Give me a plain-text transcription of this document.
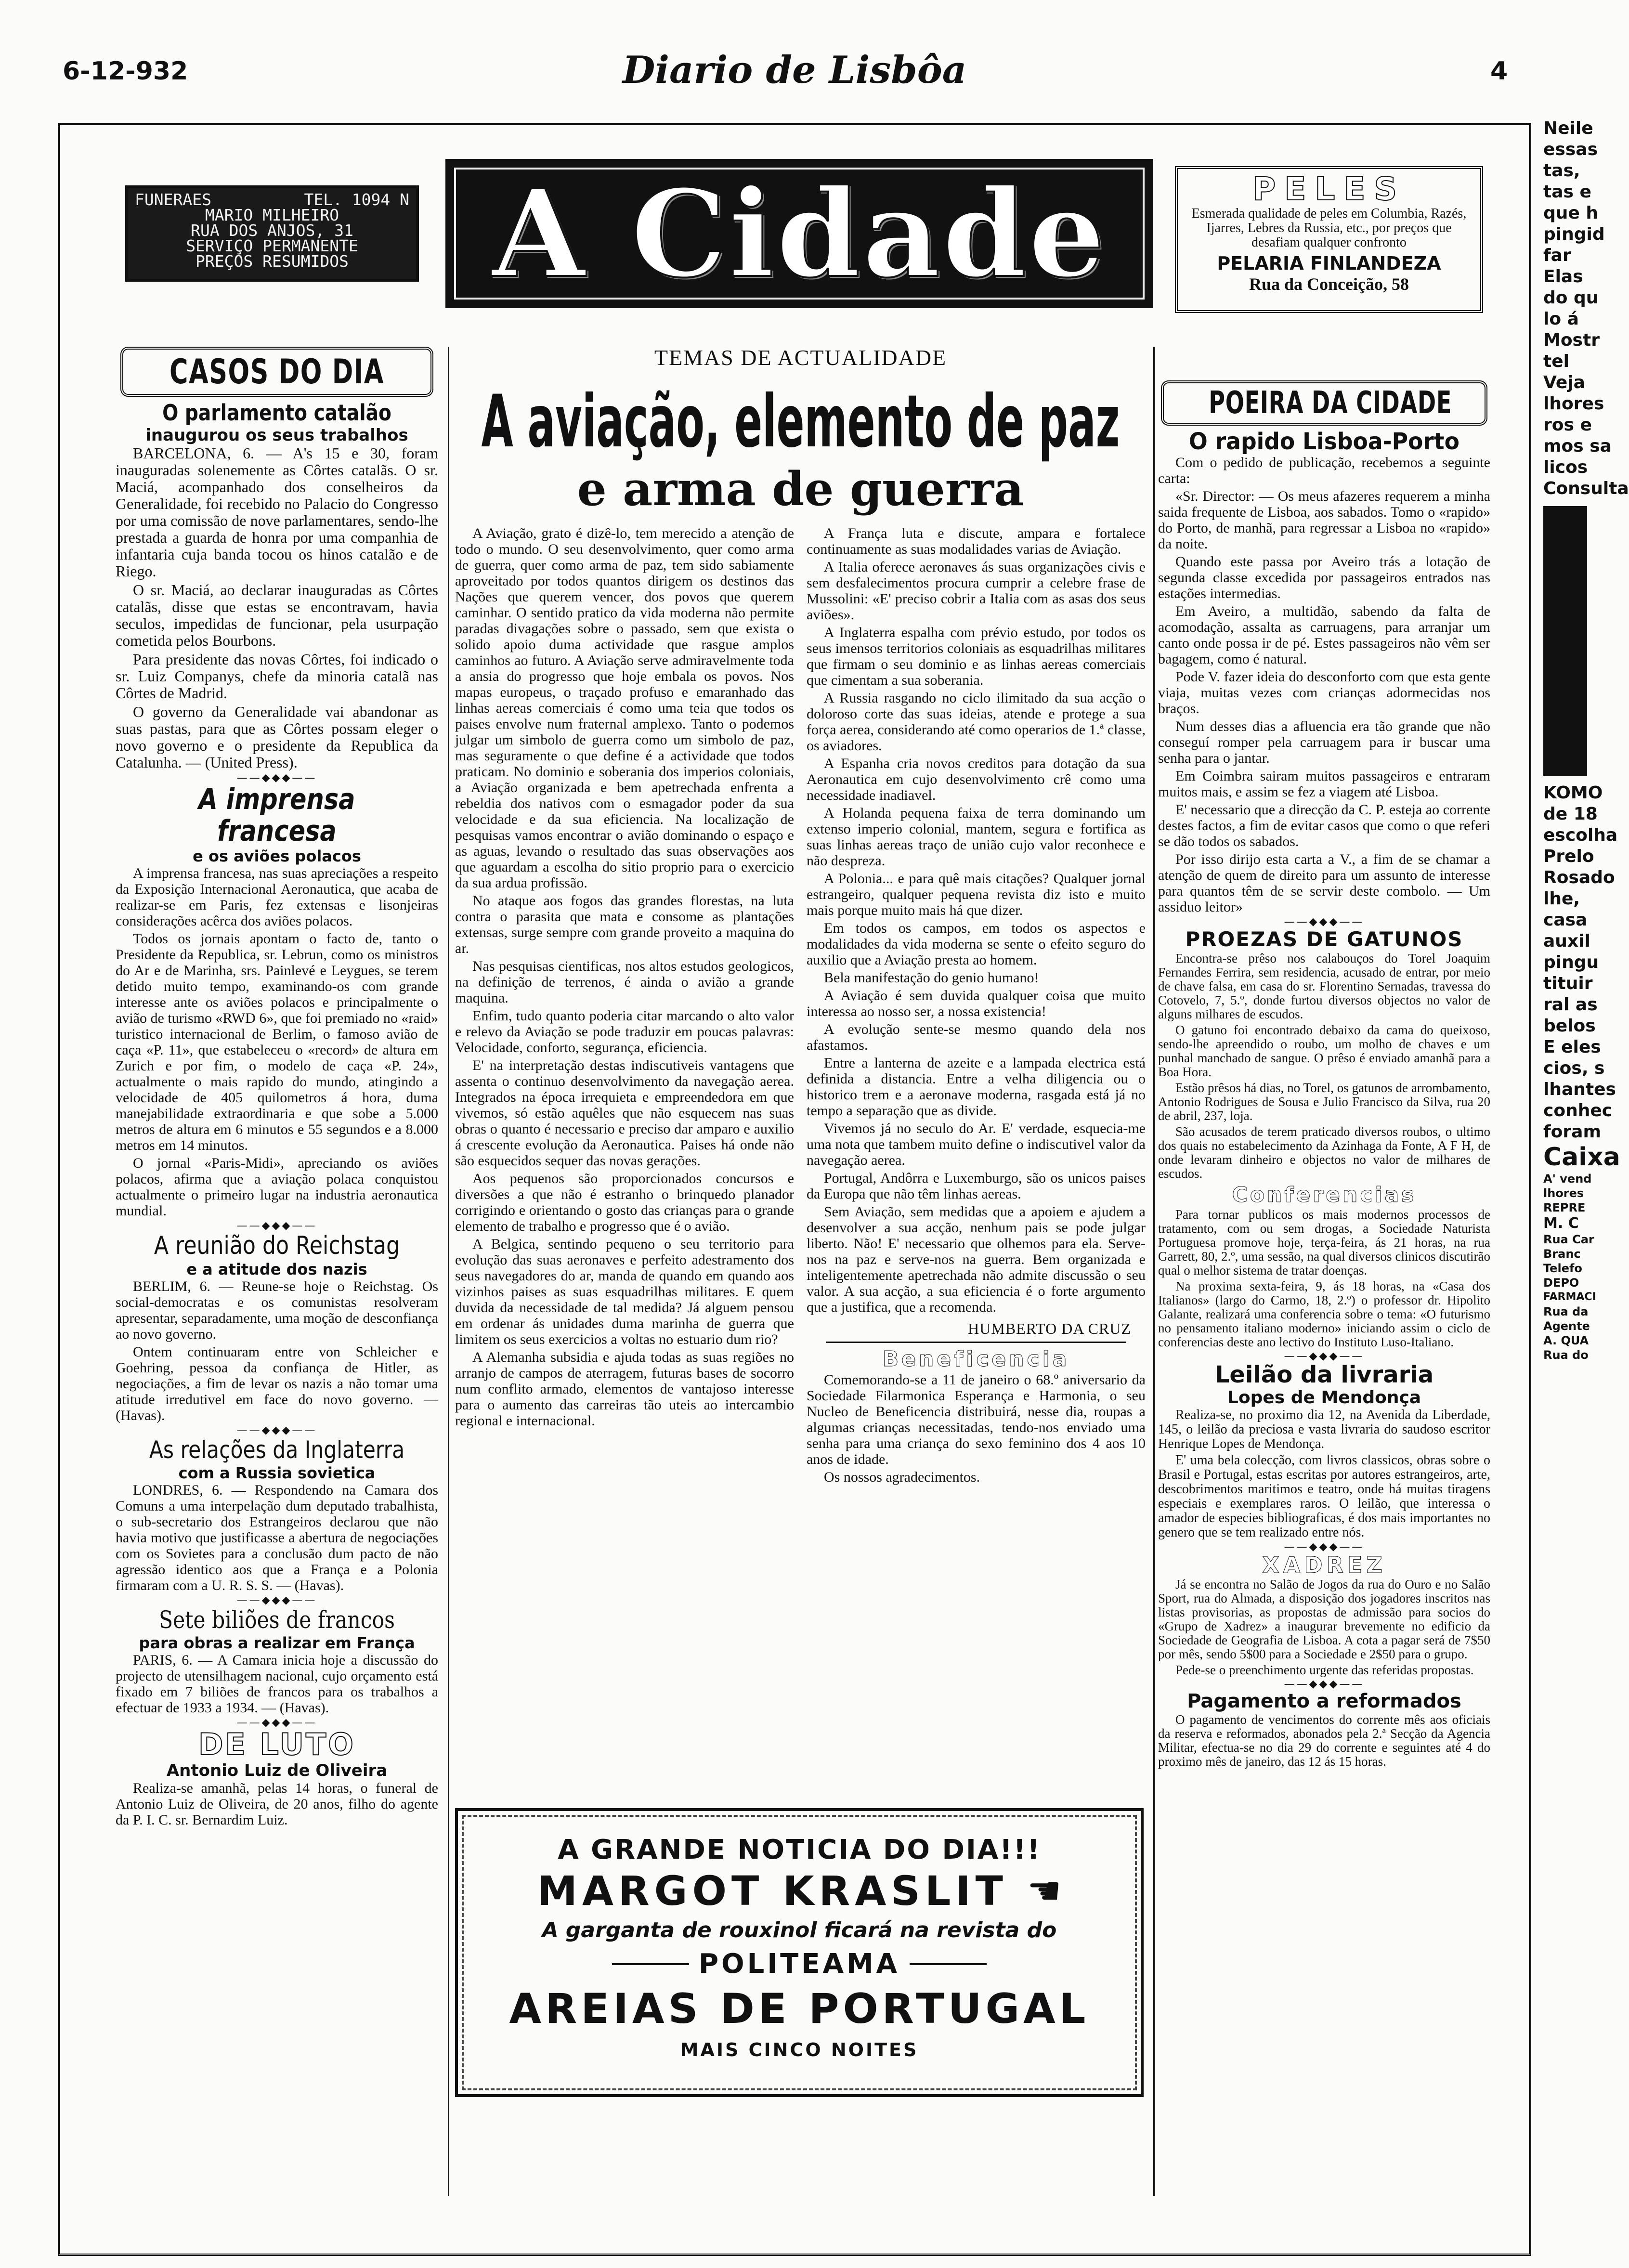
6-12-932	Diario de Lisbôa	4
FUNERAES	TEL. 1094 N
MARIO MILHEIRO
RUA DOS ANJOS, 31
SERVIÇO PERMANENTE
PREÇOS RESUMIDOS	A Cidade	PELES
Esmerada qualidade de peles em Columbia, Razés, Ijarres, Lebres da Russia, etc., por preços que desafiam qualquer confronto
PELARIA FINLANDEZA
Rua da Conceição, 58
CASOS DO DIA
O parlamento catalão
inaugurou os seus trabalhos

BARCELONA, 6. — A's 15 e 30, foram inauguradas solenemente as Côrtes catalãs. O sr. Maciá, acompanhado dos conselheiros da Generalidade, foi recebido no Palacio do Congresso por uma comissão de nove parlamentares, sendo-lhe prestada a guarda de honra por uma companhia de infantaria cuja banda tocou os hinos catalão e de Riego.

O sr. Maciá, ao declarar inauguradas as Côrtes catalãs, disse que estas se encontravam, havia seculos, impedidas de funcionar, pela usurpação cometida pelos Bourbons.

Para presidente das novas Côrtes, foi indicado o sr. Luiz Companys, chefe da minoria catalã nas Côrtes de Madrid.

O governo da Generalidade vai abandonar as suas pastas, para que as Côrtes possam eleger o novo governo e o presidente da Republica da Catalunha. — (United Press).

——◆◆◆——
A imprensa francesa
e os aviões polacos

A imprensa francesa, nas suas apreciações a respeito da Exposição Internacional Aeronautica, que acaba de realizar-se em Paris, fez extensas e lisonjeiras considerações acêrca dos aviões polacos.

Todos os jornais apontam o facto de, tanto o Presidente da Republica, sr. Lebrun, como os ministros do Ar e de Marinha, srs. Painlevé e Leygues, se terem detido muito tempo, examinando-os com grande interesse ante os aviões polacos e principalmente o avião de turismo «RWD 6», que foi premiado no «raid» turistico internacional de Berlim, o famoso avião de caça «P. 11», que estabeleceu o «record» de altura em Zurich e por fim, o modelo de caça «P. 24», actualmente o mais rapido do mundo, atingindo a velocidade de 405 quilometros á hora, duma manejabilidade extraordinaria e que sobe a 5.000 metros de altura em 6 minutos e 55 segundos e a 8.000 metros em 14 minutos.

O jornal «Paris-Midi», apreciando os aviões polacos, afirma que a aviação polaca conquistou actualmente o primeiro lugar na industria aeronautica mundial.

——◆◆◆——
A reunião do Reichstag
e a atitude dos nazis

BERLIM, 6. — Reune-se hoje o Reichstag. Os social-democratas e os comunistas resolveram apresentar, separadamente, uma moção de desconfiança ao novo governo.

Ontem continuaram entre von Schleicher e Goehring, pessoa da confiança de Hitler, as negociações, a fim de levar os nazis a não tomar uma atitude irredutivel em face do novo governo. — (Havas).

——◆◆◆——
As relações da Inglaterra
com a Russia sovietica

LONDRES, 6. — Respondendo na Camara dos Comuns a uma interpelação dum deputado trabalhista, o sub-secretario dos Estrangeiros declarou que não havia motivo que justificasse a abertura de negociações com os Sovietes para a conclusão dum pacto de não agressão identico aos que a França e a Polonia firmaram com a U. R. S. S. — (Havas).

——◆◆◆——
Sete biliões de francos
para obras a realizar em França

PARIS, 6. — A Camara inicia hoje a discussão do projecto de utensilhagem nacional, cujo orçamento está fixado em 7 biliões de francos para os trabalhos a efectuar de 1933 a 1934. — (Havas).

——◆◆◆——
DE LUTO
Antonio Luiz de Oliveira

Realiza-se amanhã, pelas 14 horas, o funeral de Antonio Luiz de Oliveira, de 20 anos, filho do agente da P. I. C. sr. Bernardim Luiz.

TEMAS DE ACTUALIDADE
A aviação, elemento de paz
e arma de guerra

A Aviação, grato é dizê-lo, tem merecido a atenção de todo o mundo. O seu desenvolvimento, quer como arma de guerra, quer como arma de paz, tem sido sabiamente aproveitado por todos quantos dirigem os destinos das Nações que querem vencer, dos povos que querem caminhar. O sentido pratico da vida moderna não permite paradas divagações sobre o passado, sem que exista o solido apoio duma actividade que rasgue amplos caminhos ao futuro. A Aviação serve admiravelmente toda a ansia do progresso que hoje embala os povos. Nos mapas europeus, o traçado profuso e emaranhado das linhas aereas comerciais é como uma teia que todos os paises envolve num fraternal amplexo. Tanto o podemos julgar um simbolo de guerra como um simbolo de paz, mas seguramente o que define é a actividade que todos praticam. No dominio e soberania dos imperios coloniais, a Aviação organizada e bem apetrechada enfrenta a rebeldia dos nativos com o esmagador poder da sua velocidade e da sua eficiencia. Na localização de pesquisas vamos encontrar o avião dominando o espaço e as aguas, levando o resultado das suas observações aos que aguardam a escolha do sitio proprio para o exercicio da sua ardua profissão.

No ataque aos fogos das grandes florestas, na luta contra o parasita que mata e consome as plantações extensas, surge sempre com grande proveito a maquina do ar.

Nas pesquisas cientificas, nos altos estudos geologicos, na definição de terrenos, é ainda o avião a grande maquina.

Enfim, tudo quanto poderia citar marcando o alto valor e relevo da Aviação se pode traduzir em poucas palavras: Velocidade, conforto, segurança, eficiencia.

E' na interpretação destas indiscutiveis vantagens que assenta o continuo desenvolvimento da navegação aerea. Integrados na época irrequieta e empreendedora em que vivemos, só estão aquêles que não esquecem nas suas obras o quanto é necessario e preciso dar amparo e auxilio á crescente evolução da Aeronautica. Paises há onde não são esquecidos sequer das novas gerações.

Aos pequenos são proporcionados concursos e diversões a que não é estranho o brinquedo planador corrigindo e orientando o gosto das crianças para o grande elemento de trabalho e progresso que é o avião.

A Belgica, sentindo pequeno o seu territorio para evolução das suas aeronaves e perfeito adestramento dos seus navegadores do ar, manda de quando em quando aos vizinhos paises as suas esquadrilhas militares. E quem duvida da necessidade de tal medida? Já alguem pensou em ordenar ás unidades duma marinha de guerra que limitem os seus exercicios a voltas no estuario dum rio?

A Alemanha subsidia e ajuda todas as suas regiões no arranjo de campos de aterragem, futuras bases de socorro num conflito armado, elementos de vantajoso interesse para o aumento das carreiras tão uteis ao intercambio regional e internacional.

A França luta e discute, ampara e fortalece continuamente as suas modalidades varias de Aviação.

A Italia oferece aeronaves ás suas organizações civis e sem desfalecimentos procura cumprir a celebre frase de Mussolini: «E' preciso cobrir a Italia com as asas dos seus aviões».

A Inglaterra espalha com prévio estudo, por todos os seus imensos territorios coloniais as esquadrilhas militares que firmam o seu dominio e as linhas aereas comerciais que cimentam a sua soberania.

A Russia rasgando no ciclo ilimitado da sua acção o doloroso corte das suas ideias, atende e protege a sua força aerea, considerando até como operarios de 1.ª classe, os aviadores.

A Espanha cria novos creditos para dotação da sua Aeronautica em cujo desenvolvimento crê como uma necessidade inadiavel.

A Holanda pequena faixa de terra dominando um extenso imperio colonial, mantem, segura e fortifica as suas linhas aereas traço de união cujo valor reconhece e não despreza.

A Polonia... e para quê mais citações? Qualquer jornal estrangeiro, qualquer pequena revista diz isto e muito mais porque muito mais há que dizer.

Em todos os campos, em todos os aspectos e modalidades da vida moderna se sente o efeito seguro do auxilio que a Aviação presta ao homem.

Bela manifestação do genio humano!

A Aviação é sem duvida qualquer coisa que muito interessa ao nosso ser, a nossa existencia!

A evolução sente-se mesmo quando dela nos afastamos.

Entre a lanterna de azeite e a lampada electrica está definida a distancia. Entre a velha diligencia ou o historico trem e a aeronave moderna, rasgada está já no tempo a separação que as divide.

Vivemos já no seculo do Ar. E' verdade, esquecia-me uma nota que tambem muito define o indiscutivel valor da navegação aerea.

Portugal, Andôrra e Luxemburgo, são os unicos paises da Europa que não têm linhas aereas.

Sem Aviação, sem medidas que a apoiem e ajudem a desenvolver a sua acção, nenhum pais se pode julgar liberto. Não! E' necessario que olhemos para ela. Serve-nos na paz e serve-nos na guerra. Bem organizada e inteligentemente apetrechada não admite discussão o seu valor. A sua acção, a sua eficiencia é o forte argumento que a justifica, que a recomenda.

HUMBERTO DA CRUZ
Beneficencia

Comemorando-se a 11 de janeiro o 68.º aniversario da Sociedade Filarmonica Esperança e Harmonia, o seu Nucleo de Beneficencia distribuirá, nesse dia, roupas a algumas crianças necessitadas, tendo-nos enviado uma senha para uma criança do sexo feminino dos 4 aos 10 anos de idade.

Os nossos agradecimentos.

A GRANDE NOTICIA DO DIA!!!
MARGOT KRASLIT ☚
A garganta de rouxinol ficará na revista do
POLITEAMA
AREIAS DE PORTUGAL
MAIS CINCO NOITES
POEIRA DA CIDADE
O rapido Lisboa-Porto

Com o pedido de publicação, recebemos a seguinte carta:

«Sr. Director: — Os meus afazeres requerem a minha saida frequente de Lisboa, aos sabados. Tomo o «rapido» do Porto, de manhã, para regressar a Lisboa no «rapido» da noite.

Quando este passa por Aveiro trás a lotação de segunda classe excedida por passageiros entrados nas estações intermedias.

Em Aveiro, a multidão, sabendo da falta de acomodação, assalta as carruagens, para arranjar um canto onde possa ir de pé. Estes passageiros não vêm ser bagagem, como é natural.

Pode V. fazer ideia do desconforto com que esta gente viaja, muitas vezes com crianças adormecidas nos braços.

Num desses dias a afluencia era tão grande que não conseguí romper pela carruagem para ir buscar uma senha para o jantar.

Em Coimbra sairam muitos passageiros e entraram muitos mais, e assim se fez a viagem até Lisboa.

E' necessario que a direcção da C. P. esteja ao corrente destes factos, a fim de evitar casos que como o que referi se dão todos os sabados.

Por isso dirijo esta carta a V., a fim de se chamar a atenção de quem de direito para um assunto de interesse para quantos têm de se servir deste combolo. — Um assiduo leitor»

——◆◆◆——
PROEZAS DE GATUNOS

Encontra-se prêso nos calabouços do Torel Joaquim Fernandes Ferrira, sem residencia, acusado de entrar, por meio de chave falsa, em casa do sr. Florentino Sernadas, travessa do Cotovelo, 7, 5.º, donde furtou diversos objectos no valor de alguns milhares de escudos.

O gatuno foi encontrado debaixo da cama do queixoso, sendo-lhe apreendido o roubo, um molho de chaves e um punhal manchado de sangue. O prêso é enviado amanhã para a Boa Hora.

Estão prêsos há dias, no Torel, os gatunos de arrombamento, Antonio Rodrigues de Sousa e Julio Francisco da Silva, rua 20 de abril, 237, loja.

São acusados de terem praticado diversos roubos, o ultimo dos quais no estabelecimento da Azinhaga da Fonte, A F H, de onde levaram dinheiro e objectos no valor de milhares de escudos.

Conferencias

Para tornar publicos os mais modernos processos de tratamento, com ou sem drogas, a Sociedade Naturista Portuguesa promove hoje, terça-feira, ás 21 horas, na rua Garrett, 80, 2.º, uma sessão, na qual diversos clinicos discutirão qual o melhor sistema de tratar doenças.

Na proxima sexta-feira, 9, ás 18 horas, na «Casa dos Italianos» (largo do Carmo, 18, 2.º) o professor dr. Hipolito Galante, realizará uma conferencia sobre o tema: «O futurismo no pensamento italiano moderno» iniciando assim o ciclo de conferencias deste ano lectivo do Instituto Luso-Italiano.

——◆◆◆——
Leilão da livraria
Lopes de Mendonça

Realiza-se, no proximo dia 12, na Avenida da Liberdade, 145, o leilão da preciosa e vasta livraria do saudoso escritor Henrique Lopes de Mendonça.

E' uma bela colecção, com livros classicos, obras sobre o Brasil e Portugal, estas escritas por autores estrangeiros, arte, descobrimentos maritimos e teatro, onde há muitas tiragens especiais e exemplares raros. O leilão, que interessa o amador de especies bibliograficas, é dos mais importantes no genero que se tem realizado entre nós.

——◆◆◆——
XADREZ

Já se encontra no Salão de Jogos da rua do Ouro e no Salão Sport, rua do Almada, a disposição dos jogadores inscritos nas listas provisorias, as propostas de admissão para socios do «Grupo de Xadrez» a inaugurar brevemente no edificio da Sociedade de Geografia de Lisboa. A cota a pagar será de 7$50 por mês, sendo 5$00 para a Sociedade e 2$50 para o grupo.

Pede-se o preenchimento urgente das referidas propostas.

——◆◆◆——
Pagamento a reformados

O pagamento de vencimentos do corrente mês aos oficiais da reserva e reformados, abonados pela 2.ª Secção da Agencia Militar, efectua-se no dia 29 do corrente e seguintes até 4 do proximo mês de janeiro, das 12 ás 15 horas.

Neile
essas
tas,
tas e
que h
pingid
far
Elas
do qu
lo á
Mostr
tel
Veja
lhores
ros e
mos sa
licos
Consulta
KOMO
de 18
escolha
Prelo
Rosado
lhe,
casa
auxil
pingu
tituir
ral as
belos
E eles
cios, s
lhantes
conhec
foram
Caixa
A' vend
lhores
REPRE
M. C
Rua Car
Branc
Telefo
DEPO
FARMACI
Rua da
Agente
A. QUA
Rua do
